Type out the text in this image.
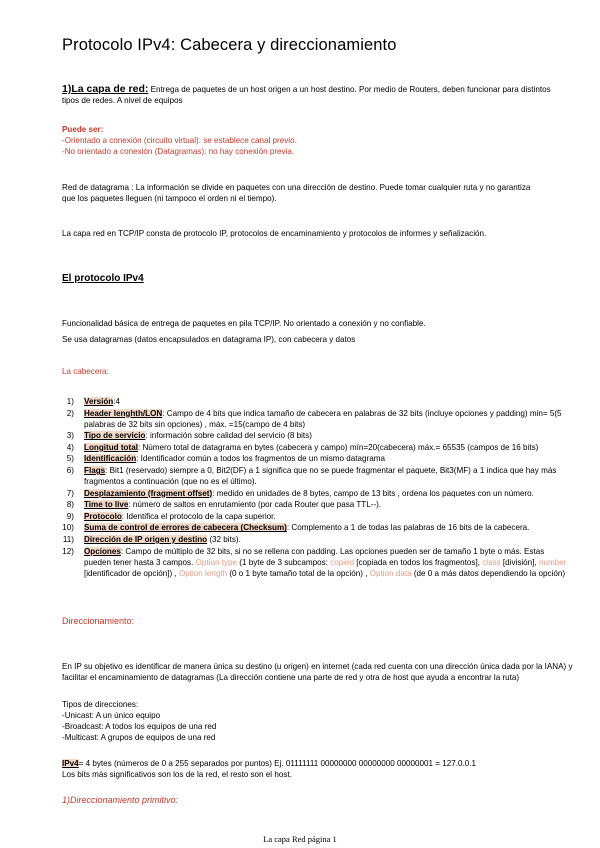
Protocolo IPv4: Cabecera y direccionamiento
1)La capa de red: Entrega de paquetes de un host origen a un host destino. Por medio de Routers, deben funcionar para distintos tipos de redes. A nivel de equipos
Puede ser:
-Orientado a conexión (circuito virtual): se establece canal previo.
-No orientado a conexión (Datagramas): no hay conexión previa.
Red de datagrama : La información se divide en paquetes con una dirección de destino. Puede tomar cualquier ruta y no garantiza que los paquetes lleguen (ni tampoco el orden ni el tiempo).
La capa red en TCP/IP consta de protocolo IP, protocolos de encaminamiento y protocolos de informes y señalización.
El protocolo IPv4
Funcionalidad básica de entrega de paquetes en pila TCP/IP. No orientado a conexión y no confiable.
Se usa datagramas (datos encapsulados en datagrama IP), con cabecera y datos
La cabecera:
1) Versión:4
2) Header lenghth/LON: Campo de 4 bits que indica tamaño de cabecera en palabras de 32 bits (incluye opciones y padding) min= 5(5 palabras de 32 bits sin opciones) , máx. =15(campo de 4 bits)
3) Tipo de servicio: información sobre calidad del servicio (8 bits)
4) Longitud total: Número total de datagrama en bytes (cabecera y campo) mín=20(cabecera) máx.= 65535 (campos de 16 bits)
5) Identificación: Identificador común a todos los fragmentos de un mismo datagrama
6) Flags: Bit1 (reservado) siempre a 0, Bit2(DF) a 1 significa que no se puede fragmentar el paquete, Bit3(MF) a 1 indica que hay más fragmentos a continuación (que no es el último).
7) Desplazamiento (fragment offset): medido en unidades de 8 bytes, campo de 13 bits , ordena los paquetes con un número.
8) Time to live: número de saltos en enrutamiento (por cada Router que pasa TTL--).
9) Protocolo: Identifica el protocolo de la capa superior.
10) Suma de control de errores de cabecera (Checksum): Complemento a 1 de todas las palabras de 16 bits de la cabecera.
11) Dirección de IP origen y destino (32 bits).
12) Opciones: Campo de múltiplo de 32 bits, si no se rellena con padding. Las opciones pueden ser de tamaño 1 byte o más. Estas pueden tener hasta 3 campos. Option type (1 byte de 3 subcampos: copied [copiada en todos los fragmentos], class [división], number [identificador de opción]) , Option length (0 o 1 byte tamaño total de la opción) , Option data (de 0 a más datos dependiendo la opción)
Direccionamiento:
En IP su objetivo es identificar de manera única su destino (u origen) en internet (cada red cuenta con una dirección única dada por la IANA) y facilitar el encaminamiento de datagramas (La dirección contiene una parte de red y otra de host que ayuda a encontrar la ruta)
Tipos de direcciones:
-Unicast: A un único equipo
-Broadcast: A todos los equipos de una red
-Multicast: A grupos de equipos de una red
IPv4= 4 bytes (números de 0 a 255 separados por puntos) Ej. 01111111 00000000 00000000 00000001 = 127.0.0.1
Los bits más significativos son los de la red, el resto son el host.
1)Direccionamiento primitivo:
La capa Red página 1
